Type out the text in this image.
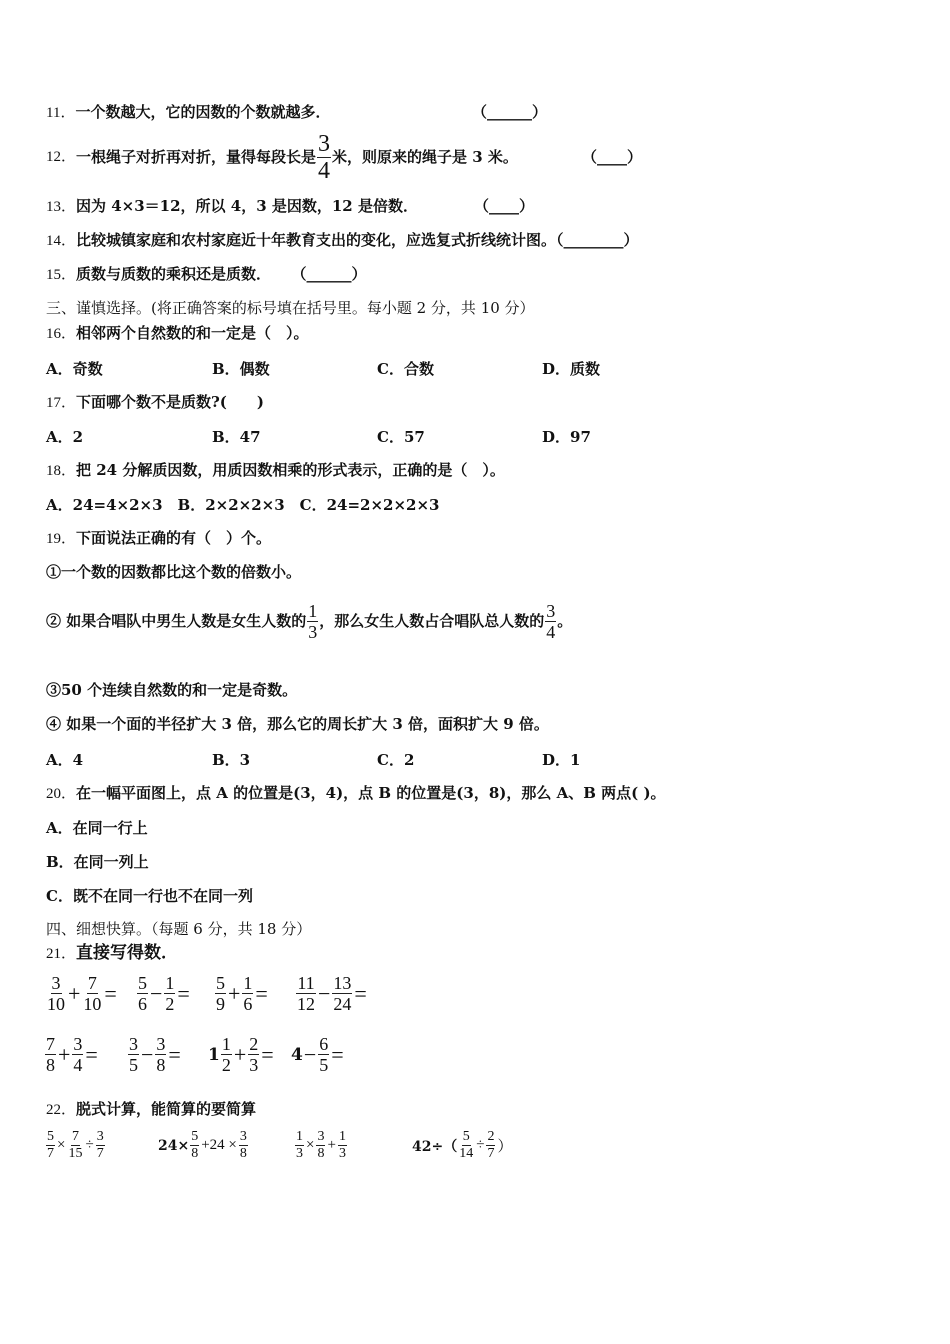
11．一个数越大，它的因数的个数就越多．	（______）
12． 一根绳子对折再对折，量得每段长是 $\frac{3}{4}$ 米，则原来的绳子是 3 米。	（____）
13．因为 4×3＝12，所以 4，3 是因数，12 是倍数．	（____）
14．比较城镇家庭和农村家庭近十年教育支出的变化，应选复式折线统计图。（________）
15．质数与质数的乘积还是质数． （______）
三、谨慎选择。(将正确答案的标号填在括号里。每小题 2 分，共 10 分）
16．相邻两个自然数的和一定是（　）。
A．奇数	B．偶数	C．合数	D．质数
17．下面哪个数不是质数?(　　)
A．2	B．47	C．57	D．97
18．把 24 分解质因数，用质因数相乘的形式表示，正确的是（　）。
A．24=4×2×3　B．2×2×2×3　C．24=2×2×2×3
19．下面说法正确的有（　）个。
①一个数的因数都比这个数的倍数小。
② 如果合唱队中男生人数是女生人数的 $\frac{1}{3}$ ，那么女生人数占合唱队总人数的 $\frac{3}{4}$ 。
③50 个连续自然数的和一定是奇数。
④ 如果一个面的半径扩大 3 倍，那么它的周长扩大 3 倍，面积扩大 9 倍。
A．4	B．3	C．2	D．1
20．在一幅平面图上，点 A 的位置是(3，4)，点 B 的位置是(3，8)，那么 A、B 两点( )。
A．在同一行上
B．在同一列上
C．既不在同一行也不在同一列
四、细想快算。（每题 6 分，共 18 分）
21．直接写得数．
$\frac{3}{10} + \frac{7}{10} = \frac{5}{6} - \frac{1}{2} = \frac{5}{9} + \frac{1}{6} = \frac{11}{12} - \frac{13}{24}$ =
$\frac{7}{8} + \frac{3}{4} = \frac{3}{5} - \frac{3}{8} = 1 \frac{1}{2} + \frac{2}{3} = 4 - \frac{6}{5}$ =
22．脱式计算，能简算的要简算
$\frac{5}{7} \times \frac{7}{15} \div \frac{3}{7}$	$24\times \frac{5}{8} +24 \times \frac{3}{8}$	$\frac{1}{3} \times \frac{3}{8} + \frac{1}{3}$	$42\div( \frac{5}{14} \div \frac{2}{7}$ ）
